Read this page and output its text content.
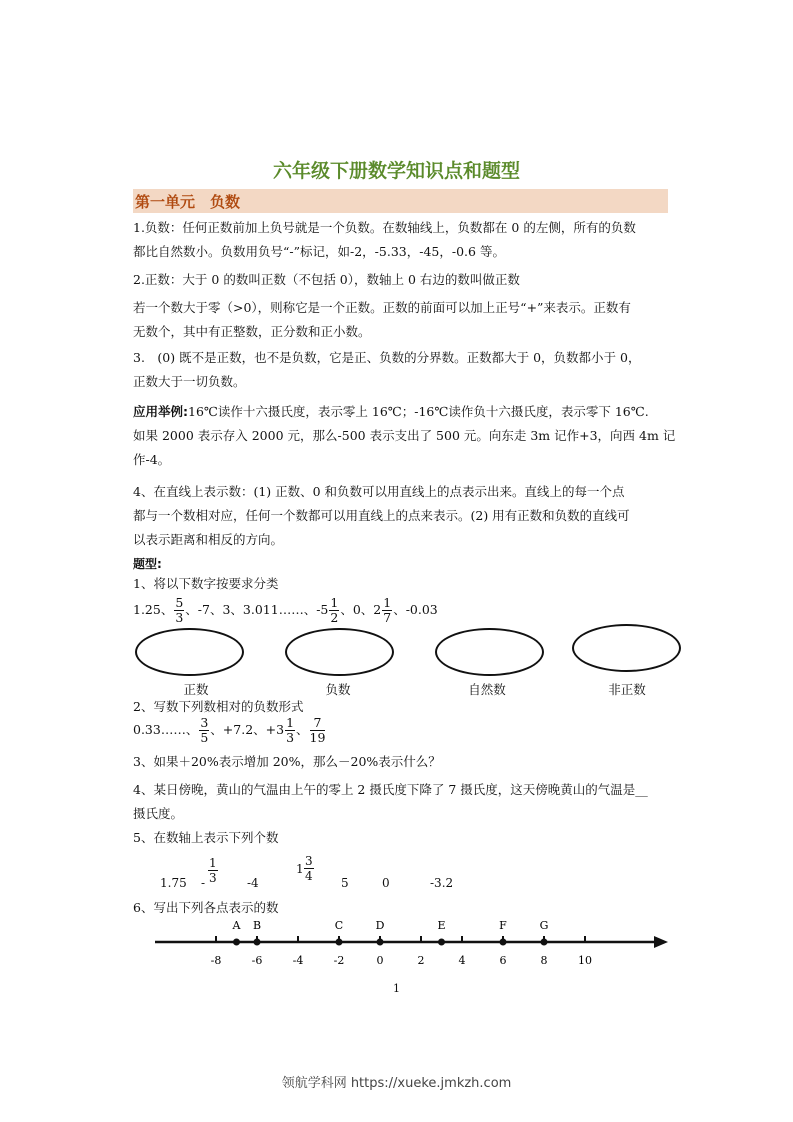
六年级下册数学知识点和题型
第一单元　负数
1.负数：任何正数前加上负号就是一个负数。在数轴线上，负数都在 0 的左侧，所有的负数
都比自然数小。负数用负号“-”标记，如-2，-5.33，-45，-0.6 等。
2.正数：大于 0 的数叫正数（不包括 0），数轴上 0 右边的数叫做正数
若一个数大于零（>0），则称它是一个正数。正数的前面可以加上正号“+”来表示。正数有
无数个，其中有正整数，正分数和正小数。
3.　(0) 既不是正数，也不是负数，它是正、负数的分界数。正数都大于 0，负数都小于 0，
正数大于一切负数。
应用举例:16℃读作十六摄氏度，表示零上 16℃；-16℃读作负十六摄氏度，表示零下 16℃.
如果 2000 表示存入 2000 元，那么-500 表示支出了 500 元。向东走 3m 记作+3，向西 4m 记
作-4。
4、在直线上表示数：(1) 正数、0 和负数可以用直线上的点表示出来。直线上的每一个点
都与一个数相对应，任何一个数都可以用直线上的点来表示。(2) 用有正数和负数的直线可
以表示距离和相反的方向。
题型:
1、将以下数字按要求分类
1.25、 $\frac{5}{3}$ 、-7、3、3.011……、$-5 \frac{1}{2}$ 、0、$2 \frac{1}{7}$ 、-0.03
正数	负数	自然数	非正数
2、写数下列数相对的负数形式
0.33……、 $\frac{3}{5}$ 、+7.2、$+3 \frac{1}{3}$ 、 $\frac{7}{19}$
3、如果＋20%表示增加 20%，那么－20%表示什么？
4、某日傍晚，黄山的气温由上午的零上 2 摄氏度下降了 7 摄氏度，这天傍晚黄山的气温是__
摄氏度。
5、在数轴上表示下列个数
$1.75 - \frac{1}{3} -4$
$1 \frac{3}{4} 5$	0	-3.2
6、写出下列各点表示的数
-8	-6	-4	-2	0	2	4	6	8	10
A B	C	D	E	F	G
1
领航学科网 https://xueke.jmkzh.com
